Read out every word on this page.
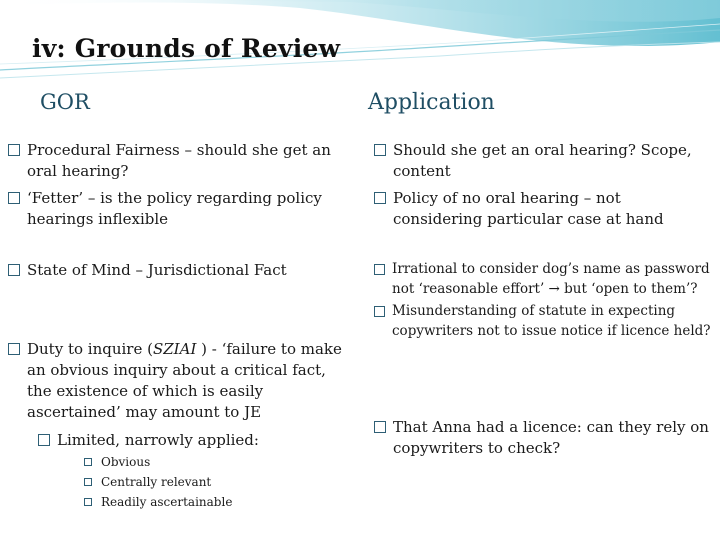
iv: Grounds of Review
GOR	Application
Procedural Fairness – should she get an oral hearing?
‘Fetter’ – is the policy regarding policy hearings inflexible
State of Mind – Jurisdictional Fact
Duty to inquire (SZIAI ) - ‘failure to make an obvious inquiry about a critical fact, the existence of which is easily ascertained’ may amount to JE
Limited, narrowly applied:
Obvious
Centrally relevant
Readily ascertainable
Should she get an oral hearing? Scope, content
Policy of no oral hearing – not considering particular case at hand
Irrational to consider dog’s name as password not ‘reasonable effort’ → but ‘open to them’?
Misunderstanding of statute in expecting copywriters not to issue notice if licence held?
That Anna had a licence: can they rely on copywriters to check?
